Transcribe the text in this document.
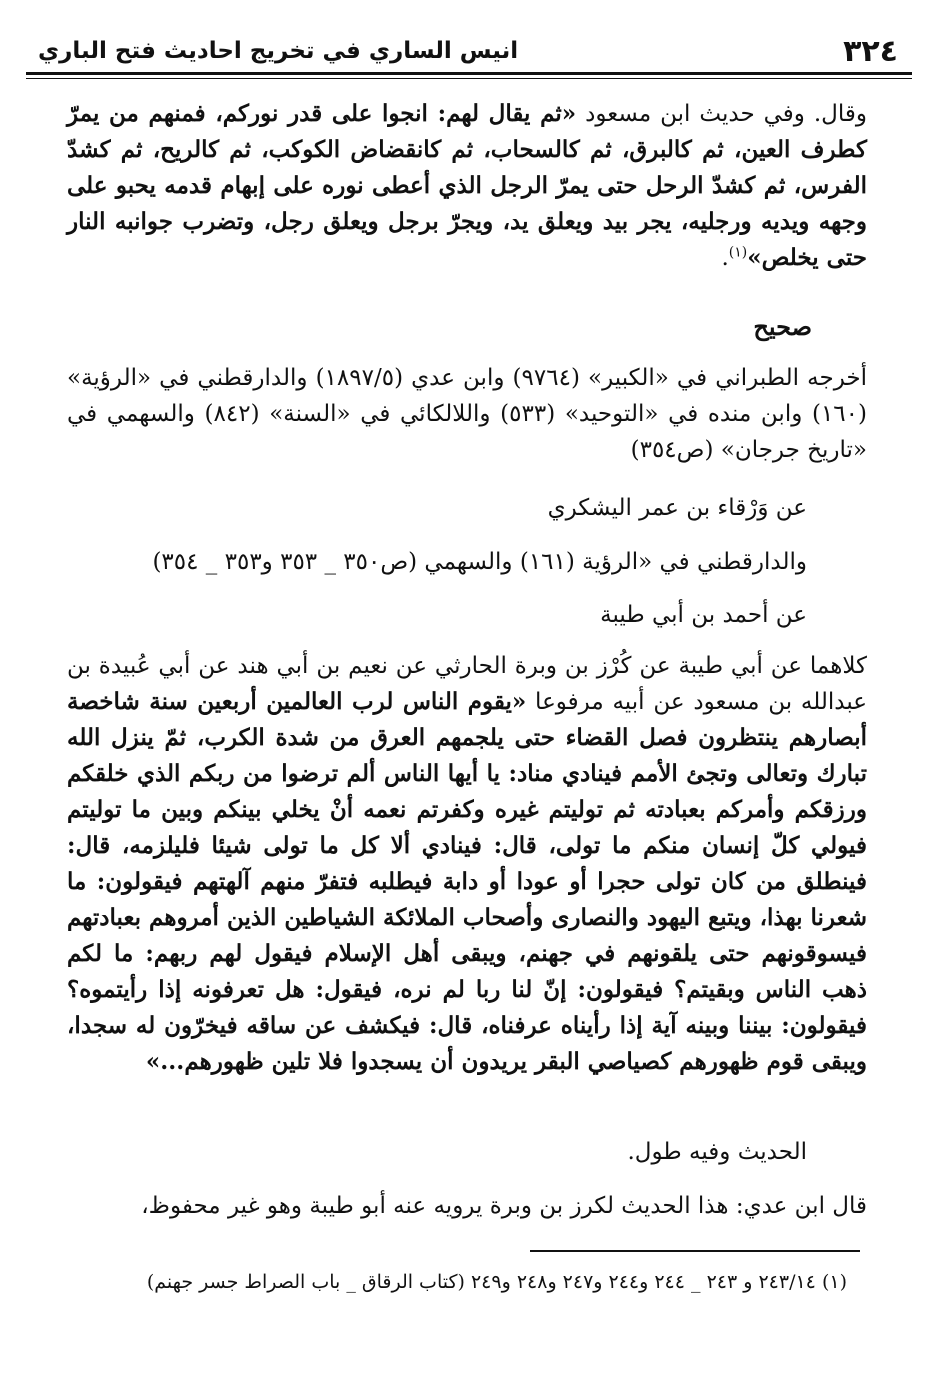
٣٢٤
انيس الساري في تخريج احاديث فتح الباري

وقال. وفي حديث ابن مسعود «ثم يقال لهم: انجوا على قدر نوركم، فمنهم من يمرّ كطرف العين، ثم كالبرق، ثم كالسحاب، ثم كانقضاض الكوكب، ثم كالريح، ثم كشدّ الفرس، ثم كشدّ الرحل حتى يمرّ الرجل الذي أعطى نوره على إبهام قدمه يحبو على وجهه ويديه ورجليه، يجر بيد ويعلق يد، ويجرّ برجل ويعلق رجل، وتضرب جوانبه النار حتى يخلص»$^{(١)}$.

صحيح

أخرجه الطبراني في «الكبير» (٩٧٦٤) وابن عدي (١٨٩٧/٥) والدارقطني في «الرؤية» (١٦٠) وابن منده في «التوحيد» (٥٣٣) واللالكائي في «السنة» (٨٤٢) والسهمي في «تاريخ جرجان» (ص٣٥٤)

عن وَرْقاء بن عمر اليشكري

والدارقطني في «الرؤية (١٦١) والسهمي (ص٣٥٠ _ ٣٥٣ و٣٥٣ _ ٣٥٤)

عن أحمد بن أبي طيبة

كلاهما عن أبي طيبة عن كُرْز بن وبرة الحارثي عن نعيم بن أبي هند عن أبي عُبيدة بن عبدالله بن مسعود عن أبيه مرفوعا «يقوم الناس لرب العالمين أربعين سنة شاخصة أبصارهم ينتظرون فصل القضاء حتى يلجمهم العرق من شدة الكرب، ثمّ ينزل الله تبارك وتعالى وتجئ الأمم فينادي مناد: يا أيها الناس ألم ترضوا من ربكم الذي خلقكم ورزقكم وأمركم بعبادته ثم توليتم غيره وكفرتم نعمه أنْ يخلي بينكم وبين ما توليتم فيولي كلّ إنسان منكم ما تولى، قال: فينادي ألا كل ما تولى شيئا فليلزمه، قال: فينطلق من كان تولى حجرا أو عودا أو دابة فيطلبه فتفرّ منهم آلهتهم فيقولون: ما شعرنا بهذا، ويتبع اليهود والنصارى وأصحاب الملائكة الشياطين الذين أمروهم بعبادتهم فيسوقونهم حتى يلقونهم في جهنم، ويبقى أهل الإسلام فيقول لهم ربهم: ما لكم ذهب الناس وبقيتم؟ فيقولون: إنّ لنا ربا لم نره، فيقول: هل تعرفونه إذا رأيتموه؟ فيقولون: بيننا وبينه آية إذا رأيناه عرفناه، قال: فيكشف عن ساقه فيخرّون له سجدا، ويبقى قوم ظهورهم كصياصي البقر يريدون أن يسجدوا فلا تلين ظهورهم...»

الحديث وفيه طول.

قال ابن عدي: هذا الحديث لكرز بن وبرة يرويه عنه أبو طيبة وهو غير محفوظ،

(١) ٢٤٣/١٤ و ٢٤٣ _ ٢٤٤ و٢٤٤ و٢٤٧ و٢٤٨ و٢٤٩ (كتاب الرقاق _ باب الصراط جسر جهنم)
